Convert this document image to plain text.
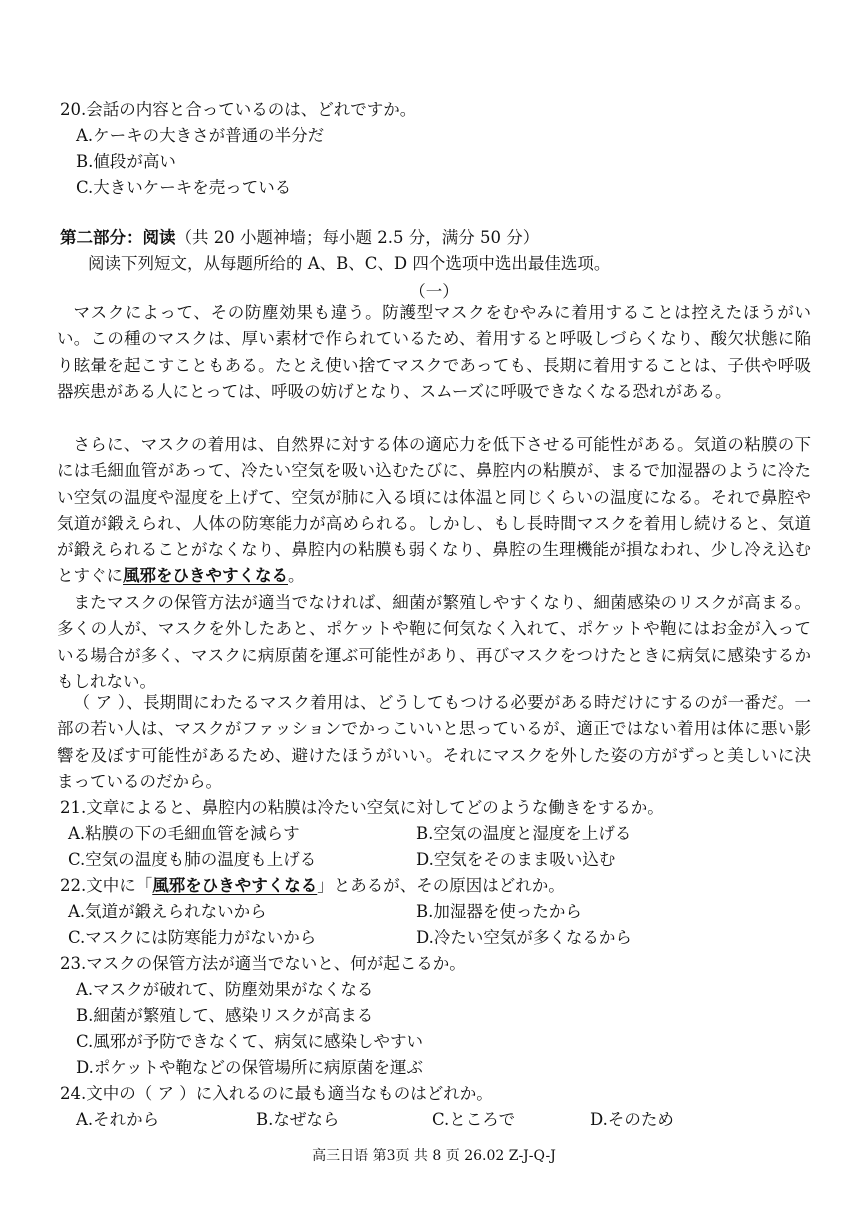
20.会話の内容と合っているのは、どれですか。
A.ケーキの大きさが普通の半分だ
B.値段が高い
C.大きいケーキを売っている
第二部分：阅读（共 20 小题神墙；每小题 2.5 分，满分 50 分）
阅读下列短文，从每题所给的 A、B、C、D 四个选项中选出最佳选项。
（一）

マスクによって、その防塵効果も違う。防護型マスクをむやみに着用することは控えたほうがいい。この種のマスクは、厚い素材で作られているため、着用すると呼吸しづらくなり、酸欠状態に陥り眩暈を起こすこともある。たとえ使い捨てマスクであっても、長期に着用することは、子供や呼吸器疾患がある人にとっては、呼吸の妨げとなり、スムーズに呼吸できなくなる恐れがある。

さらに、マスクの着用は、自然界に対する体の適応力を低下させる可能性がある。気道の粘膜の下には毛細血管があって、冷たい空気を吸い込むたびに、鼻腔内の粘膜が、まるで加湿器のように冷たい空気の温度や湿度を上げて、空気が肺に入る頃には体温と同じくらいの温度になる。それで鼻腔や気道が鍛えられ、人体の防寒能力が高められる。しかし、もし長時間マスクを着用し続けると、気道が鍛えられることがなくなり、鼻腔内の粘膜も弱くなり、鼻腔の生理機能が損なわれ、少し冷え込むとすぐに風邪をひきやすくなる。

またマスクの保管方法が適当でなければ、細菌が繁殖しやすくなり、細菌感染のリスクが高まる。多くの人が、マスクを外したあと、ポケットや鞄に何気なく入れて、ポケットや鞄にはお金が入っている場合が多く、マスクに病原菌を運ぶ可能性があり、再びマスクをつけたときに病気に感染するかもしれない。

（ ア ）、長期間にわたるマスク着用は、どうしてもつける必要がある時だけにするのが一番だ。一部の若い人は、マスクがファッションでかっこいいと思っているが、適正ではない着用は体に悪い影響を及ぼす可能性があるため、避けたほうがいい。それにマスクを外した姿の方がずっと美しいに決まっているのだから。

21.文章によると、鼻腔内の粘膜は冷たい空気に対してどのような働きをするか。
A.粘膜の下の毛細血管を減らす	B.空気の温度と湿度を上げる
C.空気の温度も肺の温度も上げる	D.空気をそのまま吸い込む
22.文中に「風邪をひきやすくなる」とあるが、その原因はどれか。
A.気道が鍛えられないから	B.加湿器を使ったから
C.マスクには防寒能力がないから	D.冷たい空気が多くなるから
23.マスクの保管方法が適当でないと、何が起こるか。
A.マスクが破れて、防塵効果がなくなる
B.細菌が繁殖して、感染リスクが高まる
C.風邪が予防できなくて、病気に感染しやすい
D.ポケットや鞄などの保管場所に病原菌を運ぶ
24.文中の（ ア ）に入れるのに最も適当なものはどれか。
A.それから	B.なぜなら	C.ところで	D.そのため
高三日语 第3页 共 8 页 26.02 Z-J-Q-J
